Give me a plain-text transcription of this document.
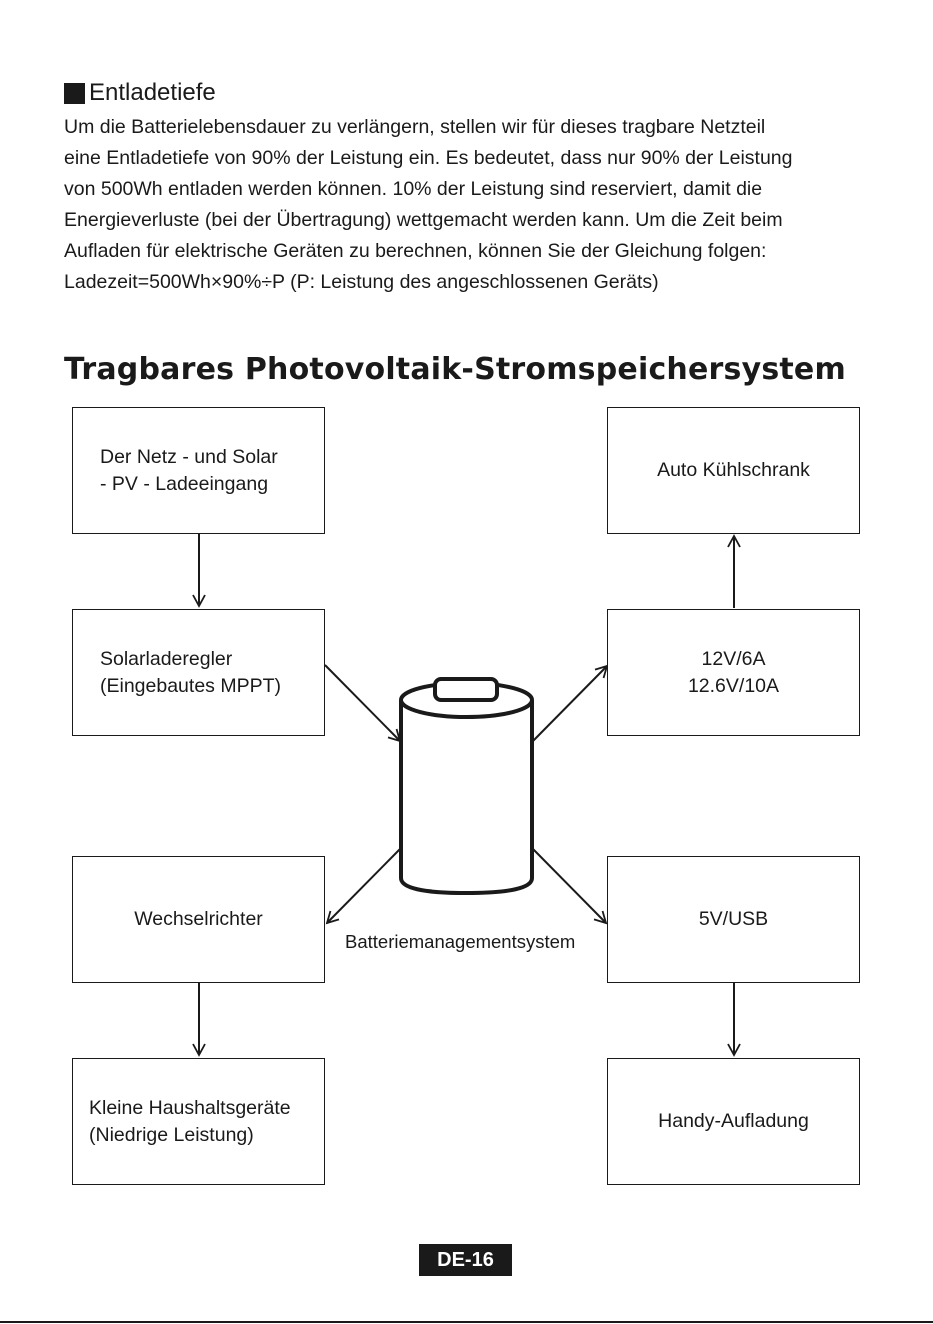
Entladetiefe

Um die Batterielebensdauer zu verlängern, stellen wir für dieses tragbare Netzteil
eine Entladetiefe von 90% der Leistung ein. Es bedeutet, dass nur 90% der Leistung
von 500Wh entladen werden können. 10% der Leistung sind reserviert, damit die
Energieverluste (bei der Übertragung) wettgemacht werden kann. Um die Zeit beim
Aufladen für elektrische Geräten zu berechnen, können Sie der Gleichung folgen:
Ladezeit=500Wh×90%÷P (P: Leistung des angeschlossenen Geräts)

Tragbares Photovoltaik-Stromspeichersystem
Der Netz - und Solar
- PV - Ladeeingang
Solarladeregler
(Eingebautes MPPT)
Wechselrichter
Kleine Haushaltsgeräte
(Niedrige Leistung)
Auto Kühlschrank
12V/6A
12.6V/10A
5V/USB
Handy-Aufladung
Batteriemanagementsystem
DE-16
